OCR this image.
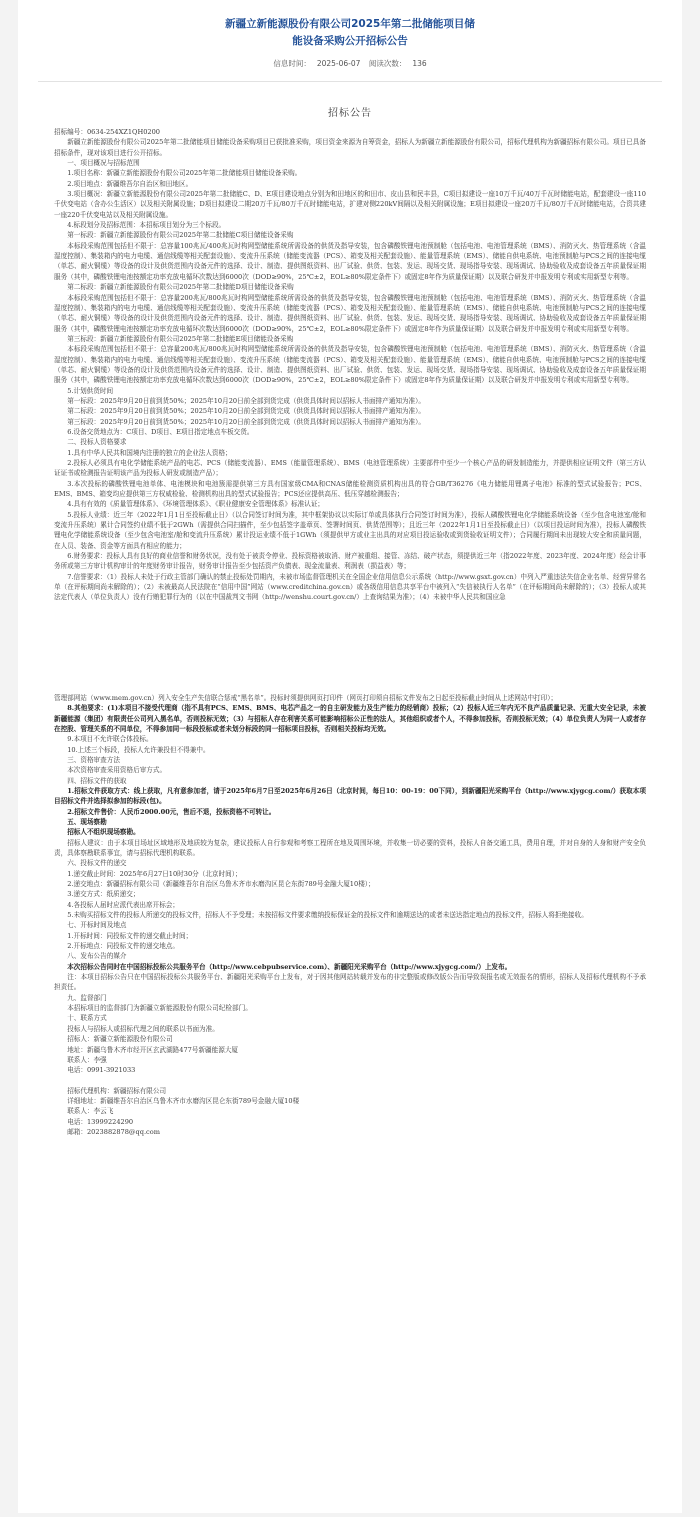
新疆立新能源股份有限公司2025年第二批储能项目储
能设备采购公开招标公告
信息时间： 2025-06-07 阅读次数： 136
招标公告

招标编号：0634-254XZ1QH0200

新疆立新能源股份有限公司2025年第二批储能项目储能设备采购项目已获批准采购，项目资金来源为自筹资金，招标人为新疆立新能源股份有限公司，招标代理机构为新疆招标有限公司。项目已具备招标条件，现对该项目进行公开招标。

一、项目概况与招标范围

1.项目名称：新疆立新能源股份有限公司2025年第二批储能项目储能设备采购。

2.项目地点：新疆维吾尔自治区和田地区。

3.项目概况：新疆立新能源股份有限公司2025年第二批储能C、D、E项目建设地点分别为和田地区的和田市、皮山县和民丰县，C项目拟建设一座10万千瓦/40万千瓦时储能电站，配套建设一座110千伏变电站（含办公生活区）以及相关附属设施；D项目拟建设二期20万千瓦/80万千瓦时储能电站，扩建对侧220kV间隔以及相关附属设施；E项目拟建设一座20万千瓦/80万千瓦时储能电站，合资共建一座220千伏变电站以及相关附属设施。

4.标段划分及招标范围：本招标项目划分为三个标段。

第一标段：新疆立新能源股份有限公司2025年第二批储能C项目储能设备采购

本标段采购范围包括但不限于：总容量100兆瓦/400兆瓦时构网型储能系统所需设备的供货及指导安装，包含磷酸铁锂电池预制舱（包括电池、电池管理系统（BMS）、消防灭火、热管理系统（含温湿度控制）、集装箱内的电力电缆、通信线缆等相关配套设施）、变流升压系统（储能变流器（PCS）、箱变及相关配套设施）、能量管理系统（EMS）、储能自供电系统、电池预制舱与PCS之间的连接电缆（单芯、耐火铜缆）等设备的设计及供货范围内设备元件的选择、设计、制造、提供图纸资料、出厂试验、供货、包装、发运、现场交货、现场指导安装、现场调试、协助验收及成套设备五年质量保证期服务（其中，磷酸铁锂电池按额定功率充放电循环次数达到6000次（DOD≥90%，25℃±2，EOL≥80%限定条件下）或固定8年作为质量保证期）以及联合研发并申报发明专利或实用新型专利等。

第二标段：新疆立新能源股份有限公司2025年第二批储能D项目储能设备采购

本标段采购范围包括但不限于：总容量200兆瓦/800兆瓦时构网型储能系统所需设备的供货及指导安装，包含磷酸铁锂电池预制舱（包括电池、电池管理系统（BMS）、消防灭火、热管理系统（含温湿度控制）、集装箱内的电力电缆、通信线缆等相关配套设施）、变流升压系统（储能变流器（PCS）、箱变及相关配套设施）、能量管理系统（EMS）、储能自供电系统、电池预制舱与PCS之间的连接电缆（单芯、耐火铜缆）等设备的设计及供货范围内设备元件的选择、设计、制造、提供图纸资料、出厂试验、供货、包装、发运、现场交货、现场指导安装、现场调试、协助验收及成套设备五年质量保证期服务（其中，磷酸铁锂电池按额定功率充放电循环次数达到6000次（DOD≥90%，25℃±2，EOL≥80%限定条件下）或固定8年作为质量保证期）以及联合研发并申报发明专利或实用新型专利等。

第三标段：新疆立新能源股份有限公司2025年第二批储能E项目储能设备采购

本标段采购范围包括但不限于：总容量200兆瓦/800兆瓦时构网型储能系统所需设备的供货及指导安装，包含磷酸铁锂电池预制舱（包括电池、电池管理系统（BMS）、消防灭火、热管理系统（含温湿度控制）、集装箱内的电力电缆、通信线缆等相关配套设施）、变流升压系统（储能变流器（PCS）、箱变及相关配套设施）、能量管理系统（EMS）、储能自供电系统、电池预制舱与PCS之间的连接电缆（单芯、耐火铜缆）等设备的设计及供货范围内设备元件的选择、设计、制造、提供图纸资料、出厂试验、供货、包装、发运、现场交货、现场指导安装、现场调试、协助验收及成套设备五年质量保证期服务（其中，磷酸铁锂电池按额定功率充放电循环次数达到6000次（DOD≥90%，25℃±2，EOL≥80%限定条件下）或固定8年作为质量保证期）以及联合研发并申报发明专利或实用新型专利等。

5.计划供货时间

第一标段：2025年9月20日前到货50%；2025年10月20日前全部到货完成（供货具体时间以招标人书面排产通知为准）。

第二标段：2025年9月20日前到货50%；2025年10月20日前全部到货完成（供货具体时间以招标人书面排产通知为准）。

第三标段：2025年9月20日前到货50%；2025年10月20日前全部到货完成（供货具体时间以招标人书面排产通知为准）。

6.设备交货地点为：C项目、D项目、E项目指定地点车板交货。

二、投标人资格要求

1.具有中华人民共和国境内注册的独立的企业法人资格；

2.投标人必须具有电化学储能系统产品的电芯、PCS（储能变流器）、EMS（能量管理系统）、BMS（电池管理系统）主要部件中至少一个核心产品的研发制造能力，并提供相应证明文件（第三方认证证书或检测报告证明该产品为投标人研发或制造产品）；

3.本次投标的磷酸铁锂电池单体、电池模块和电池簇需提供第三方具有国家级CMA和CNAS储能检测资质机构出具的符合GB/T36276《电力储能用锂离子电池》标准的型式试验报告；PCS、EMS、BMS、箱变均应提供第三方权威检验、检测机构出具的型式试验报告；PCS还应提供高压、低压穿越检测报告；

4.具有有效的《质量管理体系》、《环境管理体系》、《职业健康安全管理体系》标准认证；

5.投标人业绩：近三年（2022年1月1日至投标截止日）（以合同签订时间为准，其中框架协议以实际订单或具体执行合同签订时间为准），投标人磷酸铁锂电化学储能系统设备（至少包含电池室/舱和变流升压系统）累计合同签约业绩不低于2GWh（需提供合同扫描件，至少包括签字盖章页、签署时间页、供货范围等）；且近三年（2022年1月1日至投标截止日）（以项目投运时间为准），投标人磷酸铁锂电化学储能系统设备（至少包含电池室/舱和变流升压系统）累计投运业绩不低于1GWh（须提供甲方或业主出具的对应项目投运验收或到货验收证明文件）；合同履行期间未出现较大安全和质量问题，在人员、装备、资金等方面具有相应的能力；

6.财务要求：投标人具有良好的商业信誉和财务状况，没有处于被责令停业、投标资格被取消、财产被重组、接管、冻结、破产状态，须提供近三年（指2022年度、2023年度、2024年度）经会计事务所或第三方审计机构审计的年度财务审计报告，财务审计报告至少包括资产负债表、现金流量表、利润表（损益表）等；

7.信誉要求：（1）投标人未处于行政主管部门确认的禁止投标处罚期内，未被市场监督管理机关在全国企业信用信息公示系统（http://www.gsxt.gov.cn）中列入严重违法失信企业名单、经营异常名单（在评标期间尚未解除的）；（2）未被最高人民法院在“信用中国”网站（www.creditchina.gov.cn）或各级信用信息共享平台中被列入“失信被执行人名单”（在评标期间尚未解除的）；（3）投标人或其法定代表人（单位负责人）没有行贿犯罪行为的（以在中国裁判文书网（http://wenshu.court.gov.cn/）上查询结果为准）；（4）未被中华人民共和国应急

管理部网站（www.mem.gov.cn）列入安全生产失信联合惩戒“黑名单”。投标时须提供网页打印件（网页打印须自招标文件发布之日起至投标截止时间从上述网站中打印）；

8.其他要求：(1)本项目不接受代理商（指不具有PCS、EMS、BMS、电芯产品之一的自主研发能力及生产能力的经销商）投标；（2）投标人近三年内无不良产品质量记录、无重大安全记录，未被新疆能源（集团）有限责任公司列入黑名单，否则投标无效；（3）与招标人存在利害关系可能影响招标公正性的法人，其他组织或者个人，不得参加投标，否则投标无效；（4）单位负责人为同一人或者存在控股、管理关系的不同单位，不得参加同一标段投标或者未划分标段的同一招标项目投标，否则相关投标均无效。

9.本项目不允许联合体投标。

10.上述三个标段，投标人允许兼投但不得兼中。

三、资格审查方法

本次资格审查采用资格后审方式。

四、招标文件的获取

1.招标文件获取方式：线上获取，凡有意参加者，请于2025年6月7日至2025年6月26日（北京时间，每日10：00-19：00下同），到新疆阳光采购平台（http://www.xjygcg.com/）获取本项目招标文件并选择拟参加的标段(包)。

2.招标文件售价：人民币2000.00元，售后不退，投标资格不可转让。

五、现场察勘

招标人不组织现场察勘。

招标人建议：由于本项目场址区域地形及地质较为复杂，建议投标人自行参观和考察工程所在地及周围环境，并收集一切必要的资料，投标人自备交通工具，费用自理，并对自身的人身和财产安全负责，具体察勘联系事宜，请与招标代理机构联系。

六、投标文件的递交

1.递交截止时间：2025年6月27日10时30分（北京时间）；

2.递交地点：新疆招标有限公司（新疆维吾尔自治区乌鲁木齐市水磨沟区昆仑东街789号金融大厦10楼）；

3.递交方式：纸质递交；

4.各投标人届时应派代表出席开标会；

5.未购买招标文件的投标人所递交的投标文件，招标人不予受理；未按招标文件要求缴纳投标保证金的投标文件和逾期送达的或者未送达指定地点的投标文件，招标人将拒绝接收。

七、开标时间及地点

1.开标时间：同投标文件的递交截止时间；

2.开标地点：同投标文件的递交地点。

八、发布公告的媒介

本次招标公告同时在中国招标投标公共服务平台（http://www.cebpubservice.com）、新疆阳光采购平台（http://www.xjygcg.com/）上发布。

注：本项目招标公告只在中国招标投标公共服务平台、新疆阳光采购平台上发布，对于因其他网站转载并发布的非完整版或修改版公告而导致误报名或无效报名的情形，招标人及招标代理机构不予承担责任。

九、监督部门

本招标项目的监督部门为新疆立新能源股份有限公司纪检部门。

十、联系方式

投标人与招标人或招标代理之间的联系以书面为准。

招标人：新疆立新能源股份有限公司

地址：新疆乌鲁木齐市经开区玄武湖路477号新疆能源大厦

联系人：李强

电话：0991-3921033

招标代理机构：新疆招标有限公司

详细地址：新疆维吾尔自治区乌鲁木齐市水磨沟区昆仑东街789号金融大厦10楼

联系人：李云飞

电话：13999224290

邮箱：2023882878@qq.com
